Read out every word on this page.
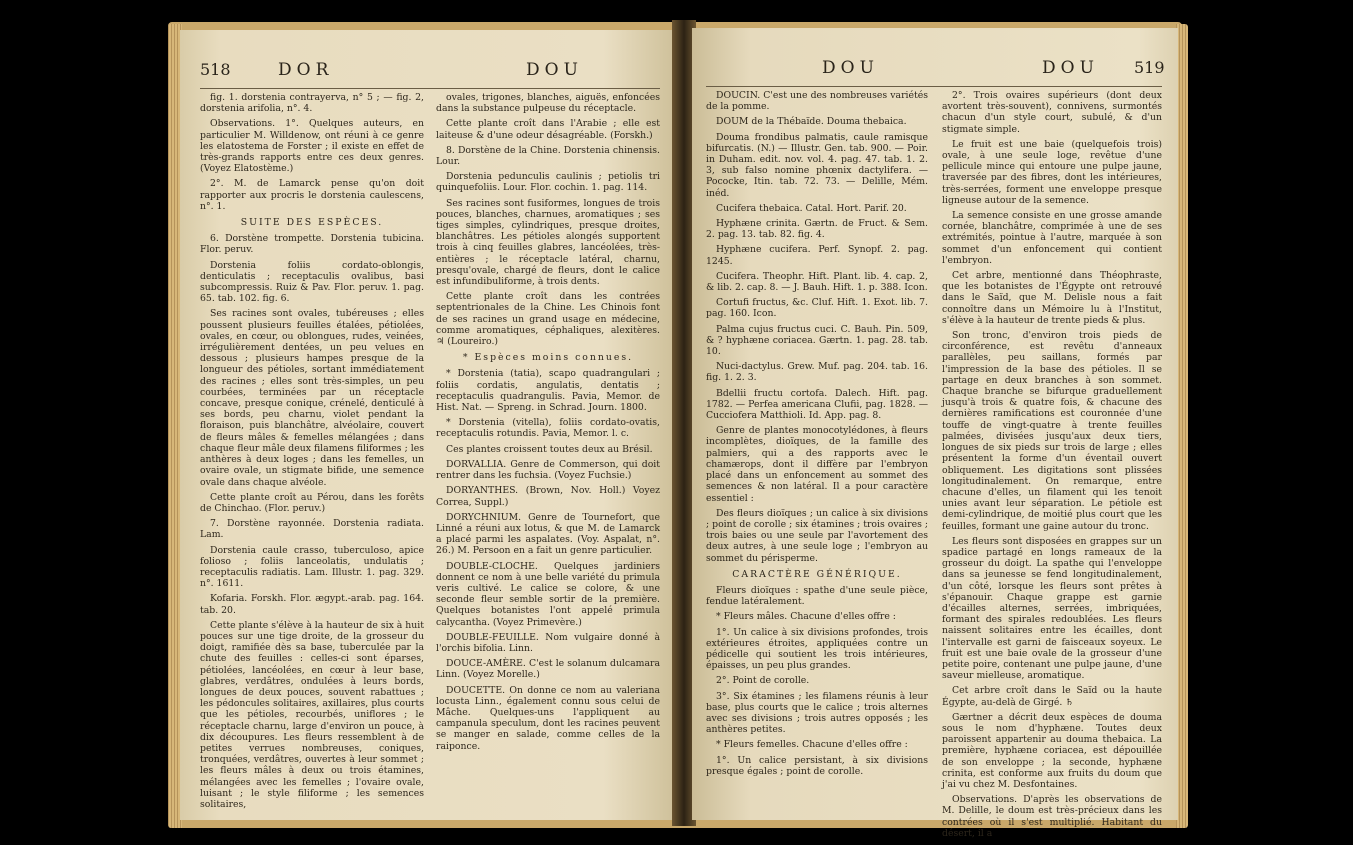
518	DOR	DOU

fig. 1. dorstenia contrayerva, n° 5 ; — fig. 2, dorstenia arifolia, n°. 4.

Observations. 1°. Quelques auteurs, en particulier M. Willdenow, ont réuni à ce genre les elatostema de Forster ; il existe en effet de très-grands rapports entre ces deux genres. (Voyez Elatostème.)

2°. M. de Lamarck pense qu'on doit rapporter aux procris le dorstenia caulescens, n°. 1.

SUITE DES ESPÈCES.

6. Dorstène trompette. Dorstenia tubicina. Flor. peruv.

Dorstenia foliis cordato-oblongis, denticulatis ; receptaculis ovalibus, basi subcompressis. Ruiz & Pav. Flor. peruv. 1. pag. 65. tab. 102. fig. 6.

Ses racines sont ovales, tubéreuses ; elles poussent plusieurs feuilles étalées, pétiolées, ovales, en cœur, ou oblongues, rudes, veinées, irrégulièrement dentées, un peu velues en dessous ; plusieurs hampes presque de la longueur des pétioles, sortant immédiatement des racines ; elles sont très-simples, un peu courbées, terminées par un réceptacle concave, presque conique, crénelé, denticulé à ses bords, peu charnu, violet pendant la floraison, puis blanchâtre, alvéolaire, couvert de fleurs mâles & femelles mélangées ; dans chaque fleur mâle deux filamens filiformes ; les anthères à deux loges ; dans les femelles, un ovaire ovale, un stigmate bifide, une semence ovale dans chaque alvéole.

Cette plante croît au Pérou, dans les forêts de Chinchao. (Flor. peruv.)

7. Dorstène rayonnée. Dorstenia radiata. Lam.

Dorstenia caule crasso, tuberculoso, apice folioso ; foliis lanceolatis, undulatis ; receptaculis radiatis. Lam. Illustr. 1. pag. 329. n°. 1611.

Kofaria. Forskh. Flor. ægypt.-arab. pag. 164. tab. 20.

Cette plante s'élève à la hauteur de six à huit pouces sur une tige droite, de la grosseur du doigt, ramifiée dès sa base, tuberculée par la chute des feuilles : celles-ci sont éparses, pétiolées, lancéolées, en cœur à leur base, glabres, verdâtres, ondulées à leurs bords, longues de deux pouces, souvent rabattues ; les pédoncules solitaires, axillaires, plus courts que les pétioles, recourbés, uniflores ; le réceptacle charnu, large d'environ un pouce, à dix découpures. Les fleurs ressemblent à de petites verrues nombreuses, coniques, tronquées, verdâtres, ouvertes à leur sommet ; les fleurs mâles à deux ou trois étamines, mélangées avec les femelles ; l'ovaire ovale, luisant ; le style filiforme ; les semences solitaires,

ovales, trigones, blanches, aiguës, enfoncées dans la substance pulpeuse du réceptacle.

Cette plante croît dans l'Arabie ; elle est laiteuse & d'une odeur désagréable. (Forskh.)

8. Dorstène de la Chine. Dorstenia chinensis. Lour.

Dorstenia pedunculis caulinis ; petiolis tri quinquefoliis. Lour. Flor. cochin. 1. pag. 114.

Ses racines sont fusiformes, longues de trois pouces, blanches, charnues, aromatiques ; ses tiges simples, cylindriques, presque droites, blanchâtres. Les pétioles alongés supportent trois à cinq feuilles glabres, lancéolées, très-entières ; le réceptacle latéral, charnu, presqu'ovale, chargé de fleurs, dont le calice est infundibuliforme, à trois dents.

Cette plante croît dans les contrées septentrionales de la Chine. Les Chinois font de ses racines un grand usage en médecine, comme aromatiques, céphaliques, alexitères. ♃ (Loureiro.)

* Espèces moins connues.

* Dorstenia (tatia), scapo quadrangulari ; foliis cordatis, angulatis, dentatis ; receptaculis quadrangulis. Pavia, Memor. de Hist. Nat. — Spreng. in Schrad. Journ. 1800.

* Dorstenia (vitella), foliis cordato-ovatis, receptaculis rotundis. Pavia, Memor. l. c.

Ces plantes croissent toutes deux au Brésil.

DORVALLIA. Genre de Commerson, qui doit rentrer dans les fuchsia. (Voyez Fuchsie.)

DORYANTHES. (Brown, Nov. Holl.) Voyez Correa, Suppl.)

DORYCHNIUM. Genre de Tournefort, que Linné a réuni aux lotus, & que M. de Lamarck a placé parmi les aspalates. (Voy. Aspalat, n°. 26.) M. Persoon en a fait un genre particulier.

DOUBLE-CLOCHE. Quelques jardiniers donnent ce nom à une belle variété du primula veris cultivé. Le calice se colore, & une seconde fleur semble sortir de la première. Quelques botanistes l'ont appelé primula calycantha. (Voyez Primevère.)

DOUBLE-FEUILLE. Nom vulgaire donné à l'orchis bifolia. Linn.

DOUCE-AMÈRE. C'est le solanum dulcamara Linn. (Voyez Morelle.)

DOUCETTE. On donne ce nom au valeriana locusta Linn., également connu sous celui de Mâche. Quelques-uns l'appliquent au campanula speculum, dont les racines peuvent se manger en salade, comme celles de la raiponce.

DOU	DOU 519

DOUCIN. C'est une des nombreuses variétés de la pomme.

DOUM de la Thébaïde. Douma thebaica.

Douma frondibus palmatis, caule ramisque bifurcatis. (N.) — Illustr. Gen. tab. 900. — Poir. in Duham. edit. nov. vol. 4. pag. 47. tab. 1. 2. 3, sub falso nomine phœnix dactylifera. — Pococke, Itin. tab. 72. 73. — Delille, Mém. inéd.

Cucifera thebaica. Catal. Hort. Parif. 20.

Hyphæne crinita. Gærtn. de Fruct. & Sem. 2. pag. 13. tab. 82. fig. 4.

Hyphæne cucifera. Perf. Synopf. 2. pag. 1245.

Cucifera. Theophr. Hift. Plant. lib. 4. cap. 2, & lib. 2. cap. 8. — J. Bauh. Hift. 1. p. 388. Icon.

Cortufi fructus, &c. Cluf. Hift. 1. Exot. lib. 7. pag. 160. Icon.

Palma cujus fructus cuci. C. Bauh. Pin. 509, & ? hyphæne coriacea. Gærtn. 1. pag. 28. tab. 10.

Nuci-dactylus. Grew. Muf. pag. 204. tab. 16. fig. 1. 2. 3.

Bdellii fructu cortofa. Dalech. Hift. pag. 1782. — Perfea americana Clufii, pag. 1828. — Cucciofera Matthioli. Id. App. pag. 8.

Genre de plantes monocotylédones, à fleurs incomplètes, dioïques, de la famille des palmiers, qui a des rapports avec le chamærops, dont il diffère par l'embryon placé dans un enfoncement au sommet des semences & non latéral. Il a pour caractère essentiel :

Des fleurs dioïques ; un calice à six divisions ; point de corolle ; six étamines ; trois ovaires ; trois baies ou une seule par l'avortement des deux autres, à une seule loge ; l'embryon au sommet du périsperme.

CARACTÈRE GÉNÉRIQUE.

Fleurs dioïques : spathe d'une seule pièce, fendue latéralement.

* Fleurs mâles. Chacune d'elles offre :

1°. Un calice à six divisions profondes, trois extérieures étroites, appliquées contre un pédicelle qui soutient les trois intérieures, épaisses, un peu plus grandes.

2°. Point de corolle.

3°. Six étamines ; les filamens réunis à leur base, plus courts que le calice ; trois alternes avec ses divisions ; trois autres opposés ; les anthères petites.

* Fleurs femelles. Chacune d'elles offre :

1°. Un calice persistant, à six divisions presque égales ; point de corolle.

2°. Trois ovaires supérieurs (dont deux avortent très-souvent), connivens, surmontés chacun d'un style court, subulé, & d'un stigmate simple.

Le fruit est une baie (quelquefois trois) ovale, à une seule loge, revêtue d'une pellicule mince qui entoure une pulpe jaune, traversée par des fibres, dont les intérieures, très-serrées, forment une enveloppe presque ligneuse autour de la semence.

La semence consiste en une grosse amande cornée, blanchâtre, comprimée à une de ses extrémités, pointue à l'autre, marquée à son sommet d'un enfoncement qui contient l'embryon.

Cet arbre, mentionné dans Théophraste, que les botanistes de l'Égypte ont retrouvé dans le Saïd, que M. Delisle nous a fait connoître dans un Mémoire lu à l'Institut, s'élève à la hauteur de trente pieds & plus.

Son tronc, d'environ trois pieds de circonférence, est revêtu d'anneaux parallèles, peu saillans, formés par l'impression de la base des pétioles. Il se partage en deux branches à son sommet. Chaque branche se bifurque graduellement jusqu'à trois & quatre fois, & chacune des dernières ramifications est couronnée d'une touffe de vingt-quatre à trente feuilles palmées, divisées jusqu'aux deux tiers, longues de six pieds sur trois de large ; elles présentent la forme d'un éventail ouvert obliquement. Les digitations sont plissées longitudinalement. On remarque, entre chacune d'elles, un filament qui les tenoit unies avant leur séparation. Le pétiole est demi-cylindrique, de moitié plus court que les feuilles, formant une gaine autour du tronc.

Les fleurs sont disposées en grappes sur un spadice partagé en longs rameaux de la grosseur du doigt. La spathe qui l'enveloppe dans sa jeunesse se fend longitudinalement, d'un côté, lorsque les fleurs sont prêtes à s'épanouir. Chaque grappe est garnie d'écailles alternes, serrées, imbriquées, formant des spirales redoublées. Les fleurs naissent solitaires entre les écailles, dont l'intervalle est garni de faisceaux soyeux. Le fruit est une baie ovale de la grosseur d'une petite poire, contenant une pulpe jaune, d'une saveur mielleuse, aromatique.

Cet arbre croît dans le Saïd ou la haute Égypte, au-delà de Girgé. ♄

Gærtner a décrit deux espèces de douma sous le nom d'hyphæne. Toutes deux paroissent appartenir au douma thebaica. La première, hyphæne coriacea, est dépouillée de son enveloppe ; la seconde, hyphæne crinita, est conforme aux fruits du doum que j'ai vu chez M. Desfontaines.

Observations. D'après les observations de M. Delille, le doum est très-précieux dans les contrées où il s'est multiplié. Habitant du désert, il a
